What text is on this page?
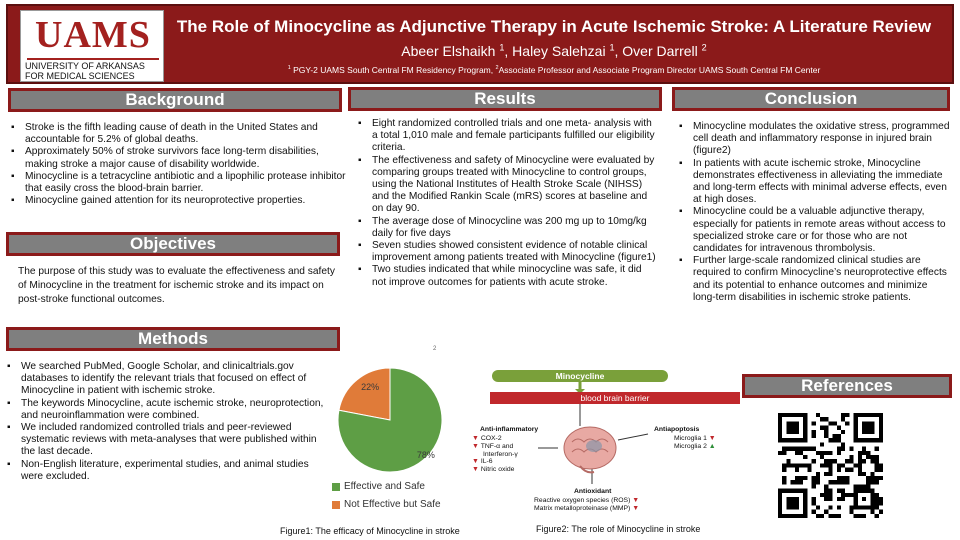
UAMS
UNIVERSITY OF ARKANSAS
FOR MEDICAL SCIENCES
The Role of Minocycline as Adjunctive Therapy in Acute Ischemic Stroke: A Literature Review
Abeer Elshaikh $^1$, Haley Salehzai $^1$, Over Darrell $^2$
$^1$ PGY-2 UAMS South Central FM Residency Program, $^2$Associate Professor and Associate Program Director UAMS South Central FM Center
Background
▪ Stroke is the fifth leading cause of death in the United States and accountable for 5.2% of global deaths.
▪ Approximately 50% of stroke survivors face long-term disabilities, making stroke a major cause of disability worldwide.
▪ Minocycline is a tetracycline antibiotic and a lipophilic protease inhibitor that easily cross the blood-brain barrier.
▪ Minocycline gained attention for its neuroprotective properties.
Objectives
The purpose of this study was to evaluate the effectiveness and safety of Minocycline in the treatment for ischemic stroke and its impact on post-stroke functional outcomes.
Methods
▪ We searched PubMed, Google Scholar, and clinicaltrials.gov databases to identify the relevant trials that focused on effect of Minocycline in patient with ischemic stroke.
▪ The keywords Minocycline, acute ischemic stroke, neuroprotection, and neuroinflammation were combined.
▪ We included randomized controlled trials and peer-reviewed systematic reviews with meta-analyses that were published within the last decade.
▪ Non-English literature, experimental studies, and animal studies were excluded.
Results
▪ Eight randomized controlled trials and one meta- analysis with a total 1,010 male and female participants fulfilled our eligibility criteria.
▪ The effectiveness and safety of Minocycline were evaluated by comparing groups treated with Minocycline to control groups, using the National Institutes of Health Stroke Scale (NIHSS) and the Modified Rankin Scale (mRS) scores at baseline and on day 90.
▪ The average dose of Minocycline was 200 mg up to 10mg/kg daily for five days
▪ Seven studies showed consistent evidence of notable clinical improvement among patients treated with Minocycline (figure1)
▪ Two studies indicated that while minocycline was safe, it did not improve outcomes for patients with acute stroke.
2
22%
78%
Effective and Safe
Not Effective but Safe
Figure1: The efficacy of Minocycline in stroke
Minocycline
blood brain barrier
Anti-inflammatory
▼ COX-2
▼ TNF-α and
Interferon-γ
▼ IL-6
▼ Nitric oxide
Antiapoptosis
Microglia 1 ▼
Microglia 2 ▲
Antioxidant
Reactive oxygen species (ROS) ▼
Matrix metalloproteinase (MMP) ▼
Figure2: The role of Minocycline in stroke
Conclusion
▪ Minocycline modulates the oxidative stress, programmed cell death and inflammatory response in injured brain (figure2)
▪ In patients with acute ischemic stroke, Minocycline demonstrates effectiveness in alleviating the immediate and long-term effects with minimal adverse effects, even at high doses.
▪ Minocycline could be a valuable adjunctive therapy, especially for patients in remote areas without access to specialized stroke care or for those who are not candidates for intravenous thrombolysis.
▪ Further large-scale randomized clinical studies are required to confirm Minocycline’s neuroprotective effects and its potential to enhance outcomes and minimize long-term disabilities in ischemic stroke patients.
References
